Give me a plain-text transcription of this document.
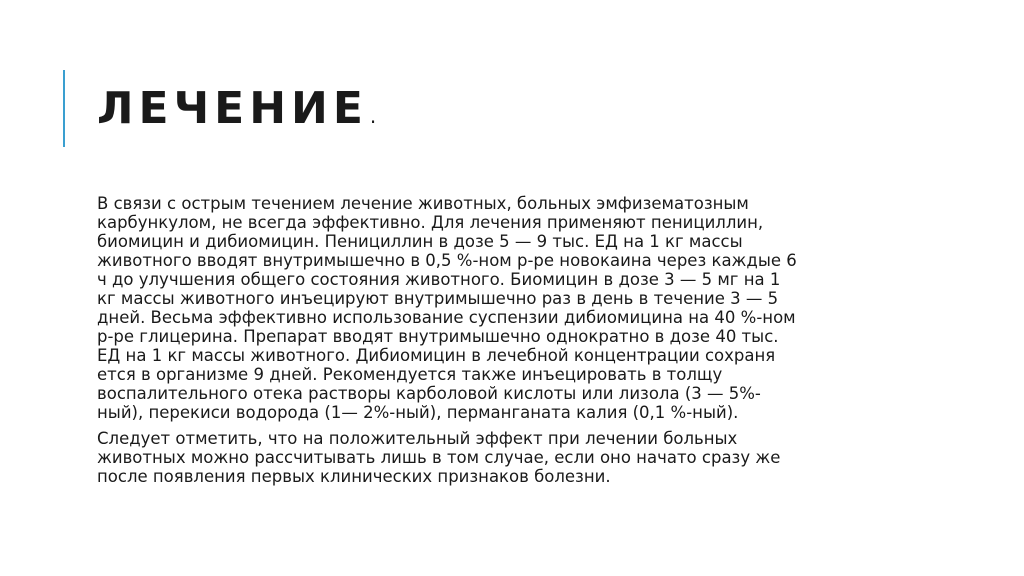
ЛЕЧЕНИЕ .
В связи с острым течением лечение животных, больных эмфизематозным
карбункулом, не всегда эффективно. Для лечения применяют пенициллин,
биомицин и дибиомицин. Пенициллин в дозе 5 — 9 тыс. ЕД на 1 кг массы
животного вводят внутримышечно в 0,5 %-ном р-ре новокаина через каждые 6
ч до улучшения общего состояния животного. Биомицин в дозе 3 — 5 мг на 1
кг массы животного инъецируют внутримышечно раз в день в течение 3 — 5
дней. Весьма эффективно использование суспензии дибиомицина на 40 %-ном
р-ре глицерина. Препарат вводят внутримышечно однократно в дозе 40 тыс.
ЕД на 1 кг массы животного. Дибиомицин в лечебной концентрации сохраня
ется в организме 9 дней. Рекомендуется также инъецировать в толщу
воспалительного отека растворы карболовой кислоты или лизола (3 — 5%-
ный), перекиси водорода (1— 2%-ный), перманганата калия (0,1 %-ный).
Следует отметить, что на положительный эффект при лечении больных
животных можно рассчитывать лишь в том случае, если оно начато сразу же
после появления первых клинических признаков болезни.
